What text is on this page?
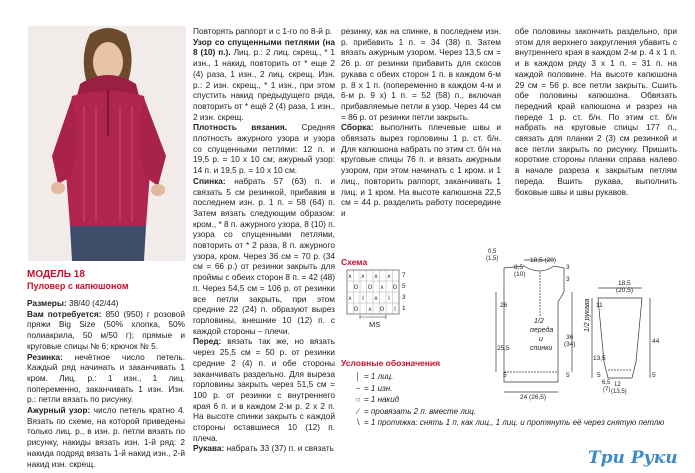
МОДЕЛЬ 18
Пуловер с капюшоном

Размеры: 38/40 (42/44)

Вам потребуется: 850 (950) г розовой пряжи Big Size (50% хлопка, 50% полиакрила, 50 м/50 г); прямые и круговые спицы № 6; крючок № 5.

Резинка: нечётное число петель. Каждый ряд начинать и заканчивать 1 кром. Лиц. р.: 1 изн., 1 лиц. попеременно, заканчивать 1 изн. Изн. р.: петли вязать по рисунку.

Ажурный узор: число петель кратно 4. Вязать по схеме, на которой приведены только лиц. р., в изн. р. петли вязать по рисунку, накиды вязать изн. 1-й ряд: 2 накида подряд вязать 1-й накид изн., 2-й накид изн. скрещ.

Повторять раппорт и с 1-го по 8-й р.

Узор со спущенными петлями (на 8 (10) п.). Лиц. р.: 2 лиц. скрещ., * 1 изн., 1 накид, повторить от * еще 2 (4) раза, 1 изн., 2 лиц. скрещ. Изн. р.: 2 изн. скрещ., * 1 изн., при этом спустить накид предыдущего ряда, повторить от * ещё 2 (4) раза, 1 изн., 2 изн. скрещ.

Плотность вязания. Средняя плотность ажурного узора и узора со спущенными петлями: 12 п. и 19,5 р. = 10 х 10 см; ажурный узор: 14 п. и 19,5 р. = 10 х 10 см.

Спинка: набрать 57 (63) п. и связать 5 см резинкой, прибавив в последнем изн. р. 1 п. = 58 (64) п. Затем вязать следующим образом: кром., * 8 п. ажурного узора, 8 (10) п. узора со спущенными петлями, повторить от * 2 раза, 8 п. ажурного узора, кром. Через 36 см = 70 р. (34 см = 66 р.) от резинки закрыть для проймы с обеих сторон 8 п. = 42 (48) п. Через 54,5 см = 106 р. от резинки все петли закрыть, при этом средние 22 (24) п. образуют вырез горловины, внешние 10 (12) п. с каждой стороны – плечи.

Перед: вязать так же, но вязать через 25,5 см = 50 р. от резинки средние 2 (4) п. и обе стороны заканчивать раздельно. Для выреза горловины закрыть через 51,5 см = 100 р. от резинки с внутреннего края 6 п. и в каждом 2-м р. 2 х 2 п. На высоте спинки закрыть с каждой стороны оставшиеся 10 (12) п. плеча.

Рукава: набрать 33 (37) п. и связать

резинку, как на спинке, в последнем изн. р. прибавить 1 п. = 34 (38) п. Затем вязать ажурным узором. Через 13,5 см = 26 р. от резинки прибавить для скосов рукава с обеих сторон 1 п. в каждом 6-м р. 8 х 1 п. (попеременно в каждом 4-м и 6-м р. 9 х) 1 п. = 52 (58) п., включая прибавляемые петли в узор. Через 44 см = 86 р. от резинки петли закрыть.

Сборка: выполнить плечевые швы и обвязать вырез горловины 1 р. ст. б/н. Для капюшона набрать по этим ст. б/н на круговые спицы 76 п. и вязать ажурным узором, при этом начинать с 1 кром. и 1 лиц., повторить раппорт, заканчивать 1 лиц. и 1 кром. На высоте капюшона 22,5 см = 44 р. разделить работу посередине и

обе половины закончить раздельно, при этом для верхнего закругления убавить с внутреннего края в каждом 2-м р. 4 х 1 п. и в каждом ряду 3 х 1 п. = 31 п. на каждой половине. На высоте капюшона 29 см = 56 р. все петли закрыть. Сшить обе половины капюшона. Обвязать передний край капюшона и разрез на переде 1 р. ст. б/н. По этим ст. б/н набрать на круговые спицы 177 п., связать для планки 2 (3) см резинкой и все петли закрыть по рисунку. Пришить короткие стороны планки справа налево в начале разреза к закрытым петлям переда. Вшить рукава, выполнить боковые швы и швы рукавов.

Схема
∧ ∧ ∧ ∧
O O ∧ O
∧ I ∧ I
O ∧ O I
7
5
3
1
MS
Условные обозначения
│ = 1 лиц.
− = 1 изн.
○ = 1 накид
∕ = провязать 2 п. вместе лиц.
∖ = 1 протяжка: снять 1 п. как лиц., 1 лиц. и протянуть её через снятую петлю
0,5
(1,5)	18,5 (20)
8,5
(10)
3
3
26
25,5
5
36
(34)
5
1/2
переда
и
спинки
24 (26,5)
18,5
(20,5)
11
13,5
44
5	5
1/2 рукава
6,5
(7)
12
(13,5)
Три Руки
